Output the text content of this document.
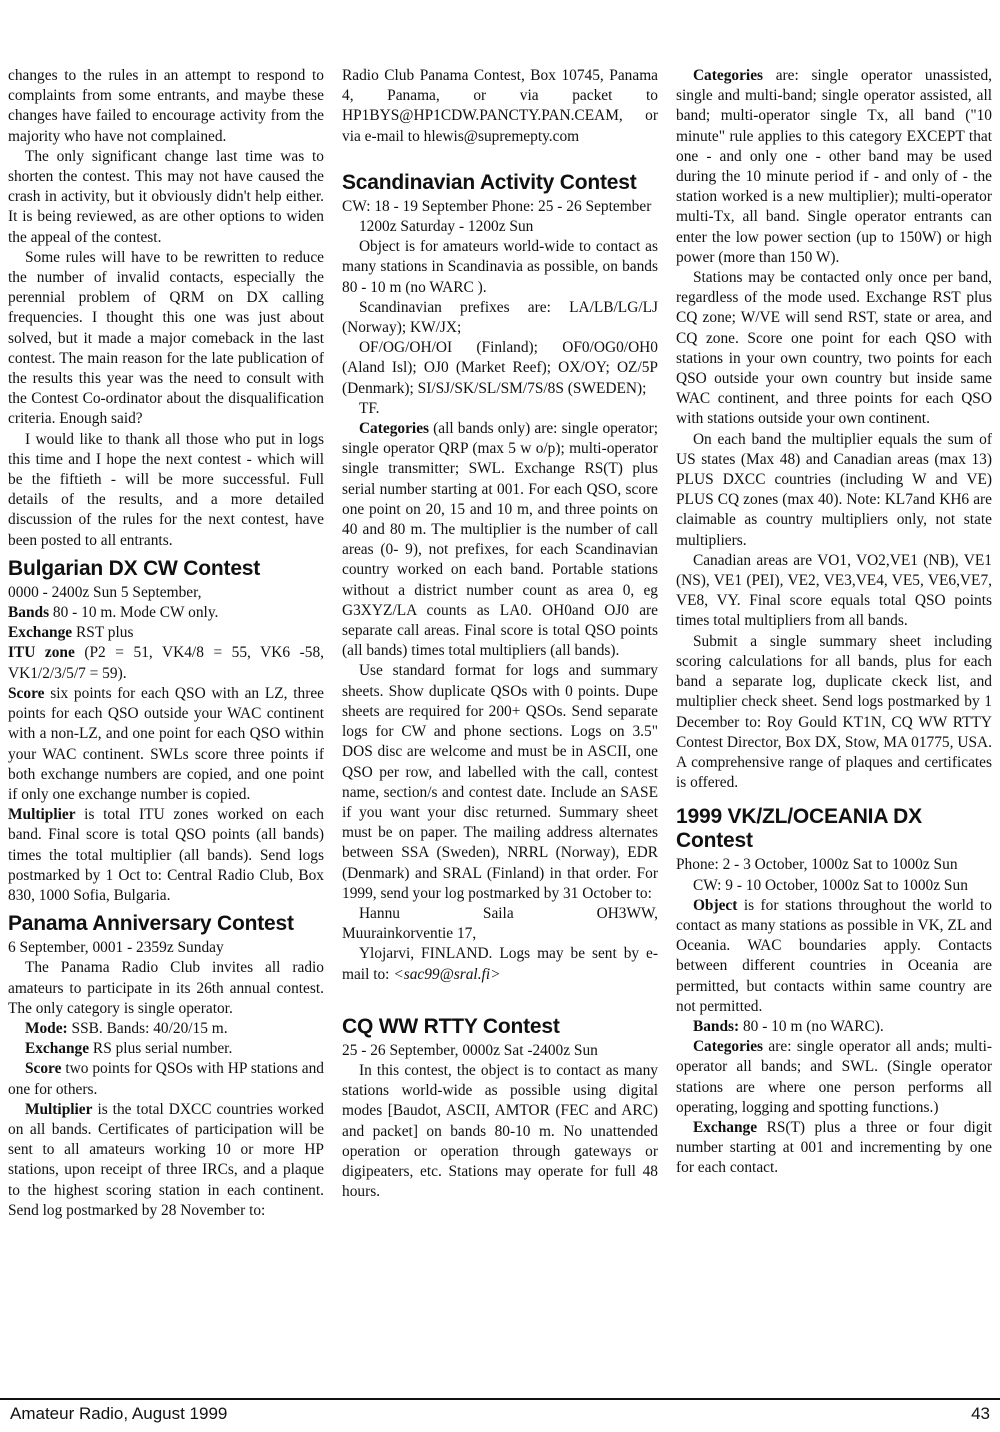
changes to the rules in an attempt to respond to complaints from some entrants, and maybe these changes have failed to encourage activity from the majority who have not complained.

The only significant change last time was to shorten the contest. This may not have caused the crash in activity, but it obviously didn't help either. It is being reviewed, as are other options to widen the appeal of the contest.

Some rules will have to be rewritten to reduce the number of invalid contacts, especially the perennial problem of QRM on DX calling frequencies. I thought this one was just about solved, but it made a major comeback in the last contest. The main reason for the late publication of the results this year was the need to consult with the Contest Co-ordinator about the disqualification criteria. Enough said?

I would like to thank all those who put in logs this time and I hope the next contest - which will be the fiftieth - will be more successful. Full details of the results, and a more detailed discussion of the rules for the next contest, have been posted to all entrants.

Bulgarian DX CW Contest

0000 - 2400z Sun 5 September,

Bands 80 - 10 m. Mode CW only.

Exchange RST plus

ITU zone (P2 = 51, VK4/8 = 55, VK6 -58, VK1/2/3/5/7 = 59).

Score six points for each QSO with an LZ, three points for each QSO outside your WAC continent with a non-LZ, and one point for each QSO within your WAC continent. SWLs score three points if both exchange numbers are copied, and one point if only one exchange number is copied.

Multiplier is total ITU zones worked on each band. Final score is total QSO points (all bands) times the total multiplier (all bands). Send logs postmarked by 1 Oct to: Central Radio Club, Box 830, 1000 Sofia, Bulgaria.

Panama Anniversary Contest

6 September, 0001 - 2359z Sunday

The Panama Radio Club invites all radio amateurs to participate in its 26th annual contest. The only category is single operator.

Mode: SSB. Bands: 40/20/15 m.

Exchange RS plus serial number.

Score two points for QSOs with HP stations and one for others.

Multiplier is the total DXCC countries worked on all bands. Certificates of participation will be sent to all amateurs working 10 or more HP stations, upon receipt of three IRCs, and a plaque to the highest scoring station in each continent. Send log postmarked by 28 November to:

Radio Club Panama Contest, Box 10745, Panama 4, Panama, or via packet to HP1BYS@HP1CDW.PANCTY.PAN.CEAM, or via e-mail to hlewis@supremepty.com

Scandinavian Activity Contest

CW: 18 - 19 September Phone: 25 - 26 September

1200z Saturday - 1200z Sun

Object is for amateurs world-wide to contact as many stations in Scandinavia as possible, on bands 80 - 10 m (no WARC ).

Scandinavian prefixes are: LA/LB/LG/LJ (Norway); KW/JX;

OF/OG/OH/OI (Finland); OF0/OG0/OH0 (Aland Isl); OJ0 (Market Reef); OX/OY; OZ/5P (Denmark); SI/SJ/SK/SL/SM/7S/8S (SWEDEN);

TF.

Categories (all bands only) are: single operator; single operator QRP (max 5 w o/p); multi-operator single transmitter; SWL. Exchange RS(T) plus serial number starting at 001. For each QSO, score one point on 20, 15 and 10 m, and three points on 40 and 80 m. The multiplier is the number of call areas (0- 9), not prefixes, for each Scandinavian country worked on each band. Portable stations without a district number count as area 0, eg G3XYZ/LA counts as LA0. OH0and OJ0 are separate call areas. Final score is total QSO points (all bands) times total multipliers (all bands).

Use standard format for logs and summary sheets. Show duplicate QSOs with 0 points. Dupe sheets are required for 200+ QSOs. Send separate logs for CW and phone sections. Logs on 3.5" DOS disc are welcome and must be in ASCII, one QSO per row, and labelled with the call, contest name, section/s and contest date. Include an SASE if you want your disc returned. Summary sheet must be on paper. The mailing address alternates between SSA (Sweden), NRRL (Norway), EDR (Denmark) and SRAL (Finland) in that order. For 1999, send your log postmarked by 31 October to:

Hannu	Saila	OH3WW,

Muurainkorventie 17,

Ylojarvi, FINLAND. Logs may be sent by e-mail to: <sac99@sral.fi>

CQ WW RTTY Contest

25 - 26 September, 0000z Sat -2400z Sun

In this contest, the object is to contact as many stations world-wide as possible using digital modes [Baudot, ASCII, AMTOR (FEC and ARC) and packet] on bands 80-10 m. No unattended operation or operation through gateways or digipeaters, etc. Stations may operate for full 48 hours.

Categories are: single operator unassisted, single and multi-band; single operator assisted, all band; multi-operator single Tx, all band ("10 minute" rule applies to this category EXCEPT that one - and only one - other band may be used during the 10 minute period if - and only of - the station worked is a new multiplier); multi-operator multi-Tx, all band. Single operator entrants can enter the low power section (up to 150W) or high power (more than 150 W).

Stations may be contacted only once per band, regardless of the mode used. Exchange RST plus CQ zone; W/VE will send RST, state or area, and CQ zone. Score one point for each QSO with stations in your own country, two points for each QSO outside your own country but inside same WAC continent, and three points for each QSO with stations outside your own continent.

On each band the multiplier equals the sum of US states (Max 48) and Canadian areas (max 13) PLUS DXCC countries (including W and VE) PLUS CQ zones (max 40). Note: KL7and KH6 are claimable as country multipliers only, not state multipliers.

Canadian areas are VO1, VO2,VE1 (NB), VE1 (NS), VE1 (PEI), VE2, VE3,VE4, VE5, VE6,VE7, VE8, VY. Final score equals total QSO points times total multipliers from all bands.

Submit a single summary sheet including scoring calculations for all bands, plus for each band a separate log, duplicate ckeck list, and multiplier check sheet. Send logs postmarked by 1 December to: Roy Gould KT1N, CQ WW RTTY Contest Director, Box DX, Stow, MA 01775, USA. A comprehensive range of plaques and certificates is offered.

1999 VK/ZL/OCEANIA DX Contest

Phone: 2 - 3 October, 1000z Sat to 1000z Sun

CW: 9 - 10 October, 1000z Sat to 1000z Sun

Object is for stations throughout the world to contact as many stations as possible in VK, ZL and Oceania. WAC boundaries apply. Contacts between different countries in Oceania are permitted, but contacts within same country are not permitted.

Bands: 80 - 10 m (no WARC).

Categories are: single operator all ands; multi-operator all bands; and SWL. (Single operator stations are where one person performs all operating, logging and spotting functions.)

Exchange RS(T) plus a three or four digit number starting at 001 and incrementing by one for each contact.

Amateur Radio, August 1999	43
